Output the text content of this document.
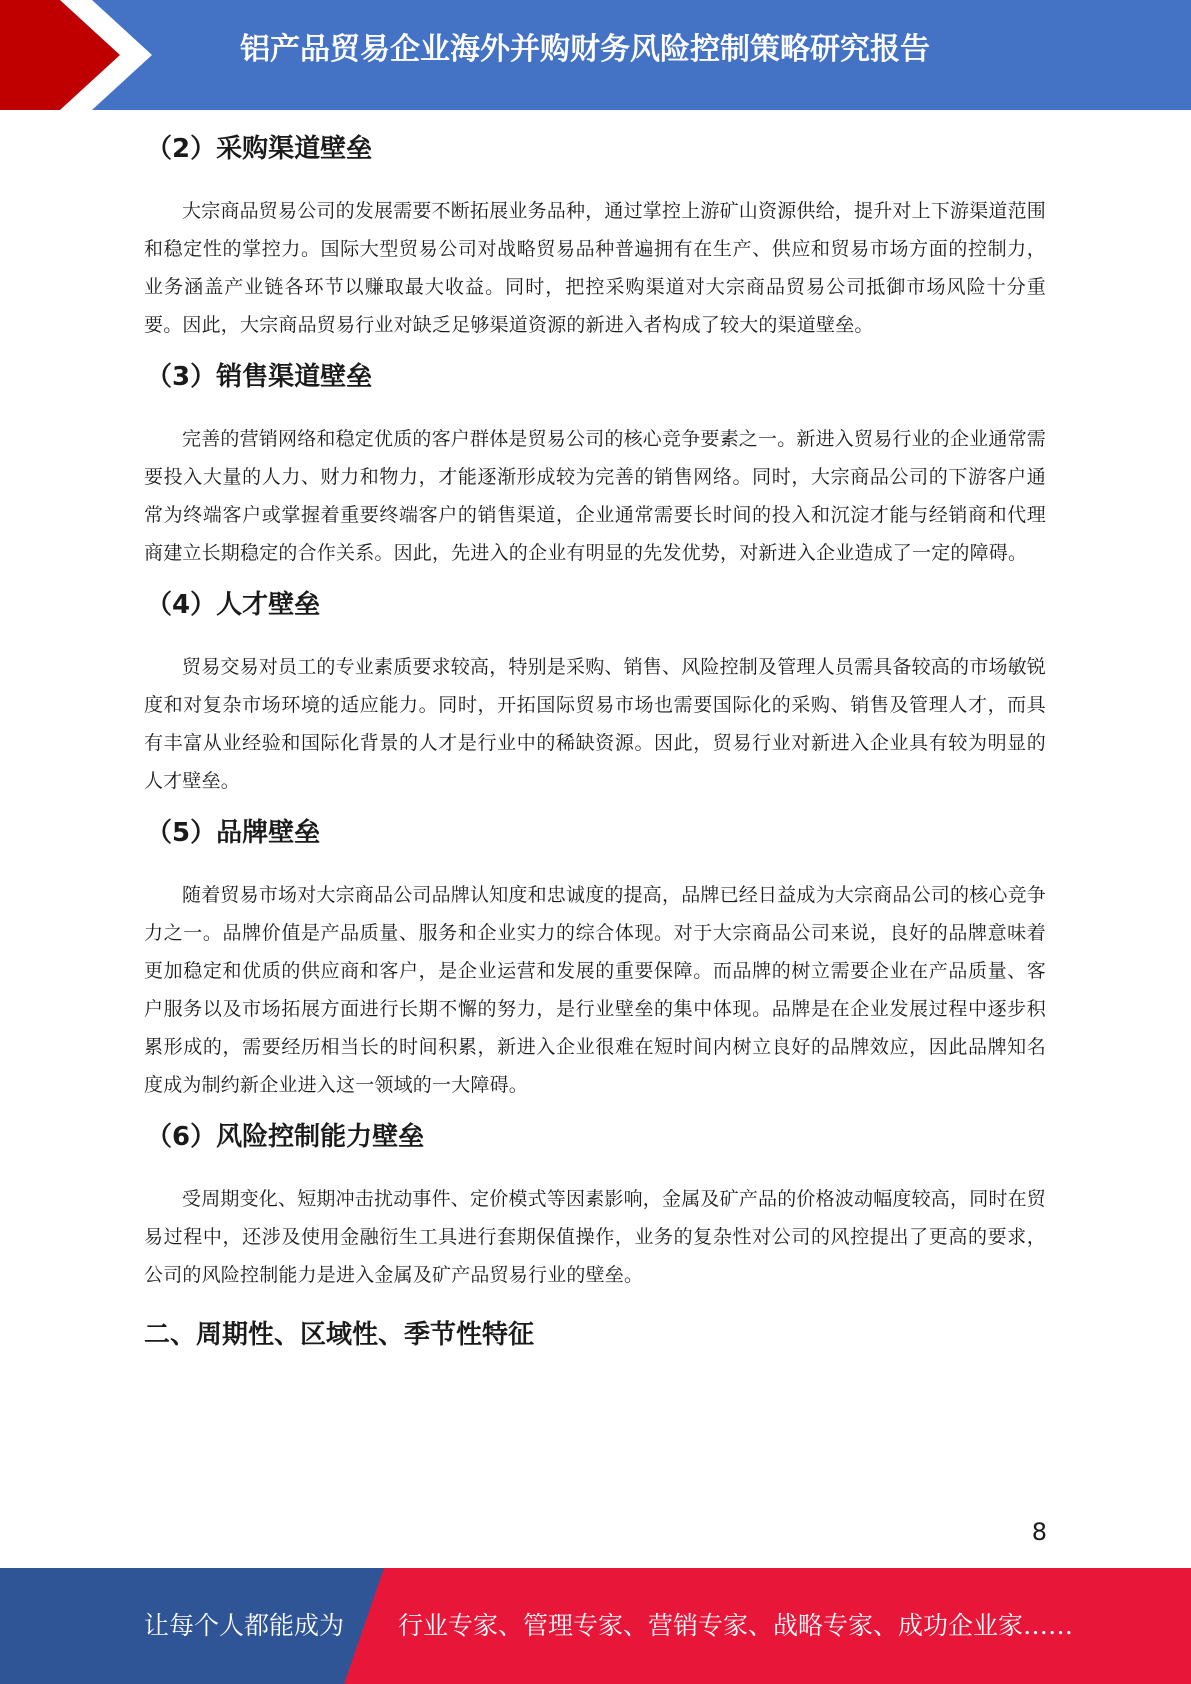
铝产品贸易企业海外并购财务风险控制策略研究报告
（2）采购渠道壁垒

大宗商品贸易公司的发展需要不断拓展业务品种，通过掌控上游矿山资源供给，提升对上下游渠道范围和稳定性的掌控力。国际大型贸易公司对战略贸易品种普遍拥有在生产、供应和贸易市场方面的控制力，业务涵盖产业链各环节以赚取最大收益。同时，把控采购渠道对大宗商品贸易公司抵御市场风险十分重要。因此，大宗商品贸易行业对缺乏足够渠道资源的新进入者构成了较大的渠道壁垒。

（3）销售渠道壁垒

完善的营销网络和稳定优质的客户群体是贸易公司的核心竞争要素之一。新进入贸易行业的企业通常需要投入大量的人力、财力和物力，才能逐渐形成较为完善的销售网络。同时，大宗商品公司的下游客户通常为终端客户或掌握着重要终端客户的销售渠道，企业通常需要长时间的投入和沉淀才能与经销商和代理商建立长期稳定的合作关系。因此，先进入的企业有明显的先发优势，对新进入企业造成了一定的障碍。

（4）人才壁垒

贸易交易对员工的专业素质要求较高，特别是采购、销售、风险控制及管理人员需具备较高的市场敏锐度和对复杂市场环境的适应能力。同时，开拓国际贸易市场也需要国际化的采购、销售及管理人才，而具有丰富从业经验和国际化背景的人才是行业中的稀缺资源。因此，贸易行业对新进入企业具有较为明显的人才壁垒。

（5）品牌壁垒

随着贸易市场对大宗商品公司品牌认知度和忠诚度的提高，品牌已经日益成为大宗商品公司的核心竞争力之一。品牌价值是产品质量、服务和企业实力的综合体现。对于大宗商品公司来说，良好的品牌意味着更加稳定和优质的供应商和客户，是企业运营和发展的重要保障。而品牌的树立需要企业在产品质量、客户服务以及市场拓展方面进行长期不懈的努力，是行业壁垒的集中体现。品牌是在企业发展过程中逐步积累形成的，需要经历相当长的时间积累，新进入企业很难在短时间内树立良好的品牌效应，因此品牌知名度成为制约新企业进入这一领域的一大障碍。

（6）风险控制能力壁垒

受周期变化、短期冲击扰动事件、定价模式等因素影响，金属及矿产品的价格波动幅度较高，同时在贸易过程中，还涉及使用金融衍生工具进行套期保值操作，业务的复杂性对公司的风控提出了更高的要求，公司的风险控制能力是进入金属及矿产品贸易行业的壁垒。

二、周期性、区域性、季节性特征
8
让每个人都能成为 行业专家、管理专家、营销专家、战略专家、成功企业家……
